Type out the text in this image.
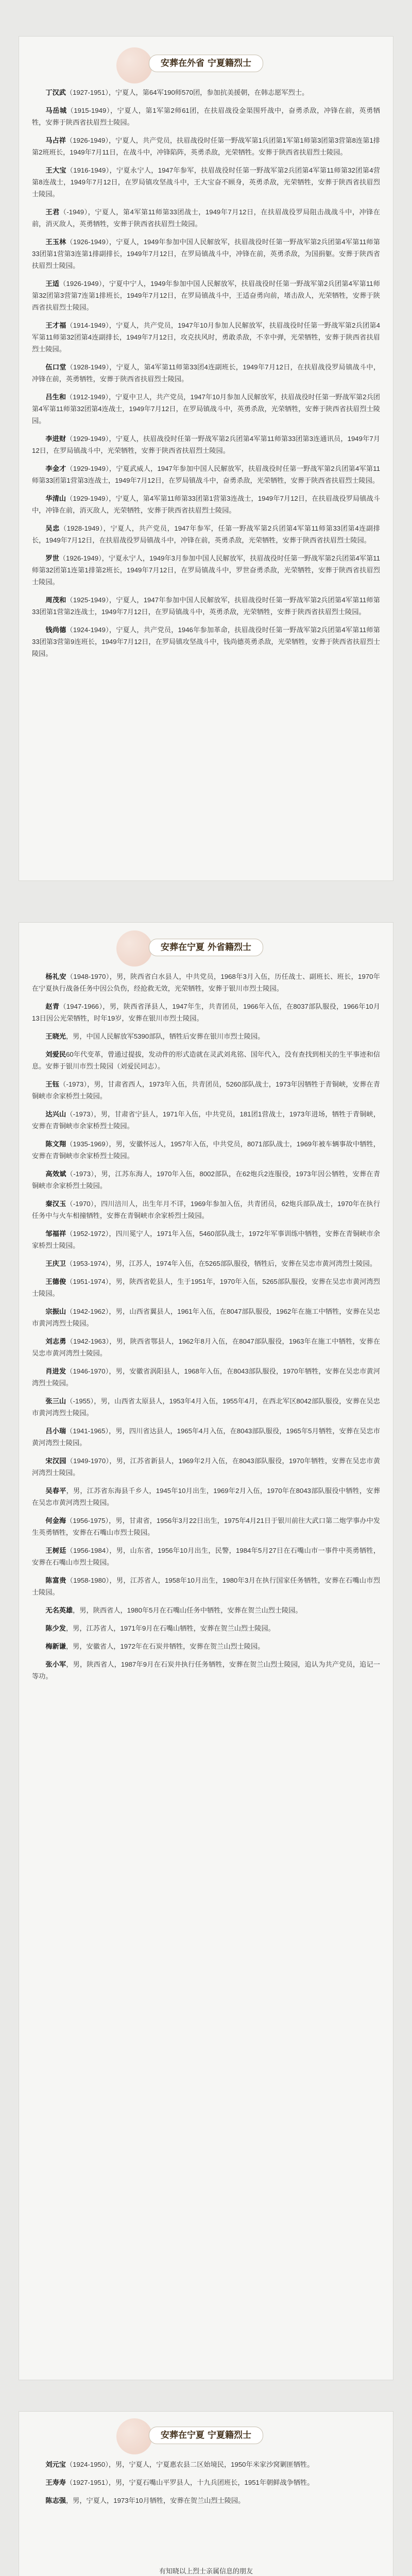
安葬在外省 宁夏籍烈士

丁汉武（1927-1951），宁夏人，第64军190师570团，参加抗美援朝，在韩志愿军烈士。

马岳城（1915-1949），宁夏人，第1军第2师61团，在扶眉战役金渠围歼战中，奋勇杀敌，冲锋在前，英勇牺牲，安葬于陕西省扶眉烈士陵园。

马占祥（1926-1949），宁夏人，共产党员，扶眉战役时任第一野战军第1兵团第1军第1师第3团第3营第8连第1排第2班班长，1949年7月11日，在战斗中，冲锋陷阵，英勇杀敌，光荣牺牲。安葬于陕西省扶眉烈士陵园。

王大宝（1916-1949），宁夏永宁人，1947年参军，扶眉战役时任第一野战军第2兵团第4军第11师第32团第4营第8连战士，1949年7月12日，在罗局镇攻坚战斗中，王大宝奋不顾身，英勇杀敌，光荣牺牲，安葬于陕西省扶眉烈士陵园。

王君（-1949），宁夏人，第4军第11师第33团战士，1949年7月12日，在扶眉战役罗局阻击战战斗中，冲锋在前，消灭敌人，英勇牺牲，安葬于陕西省扶眉烈士陵园。

王玉林（1926-1949），宁夏人，1949年参加中国人民解放军，扶眉战役时任第一野战军第2兵团第4军第11师第33团第1营第3连第1排副排长，1949年7月12日，在罗局镇战斗中，冲锋在前，英勇杀敌，为国捐躯。安葬于陕西省扶眉烈士陵园。

王适（1926-1949），宁夏中宁人，1949年参加中国人民解放军，扶眉战役时任第一野战军第2兵团第4军第11师第32团第3营第7连第1排班长，1949年7月12日，在罗局镇战斗中，王适奋勇向前，堵击敌人，光荣牺牲，安葬于陕西省扶眉烈士陵园。

王才福（1914-1949），宁夏人，共产党员，1947年10月参加人民解放军，扶眉战役时任第一野战军第2兵团第4军第11师第32团第4连副排长，1949年7月12日，攻克扶风时，勇敢杀敌，不幸中弹，光荣牺牲，安葬于陕西省扶眉烈士陵园。

伍口堂（1928-1949），宁夏人，第4军第11师第33团4连副班长，1949年7月12日，在扶眉战役罗局镇战斗中，冲锋在前，英勇牺牲，安葬于陕西省扶眉烈士陵园。

吕生和（1912-1949），宁夏中卫人，共产党员，1947年10月参加人民解放军，扶眉战役时任第一野战军第2兵团第4军第11师第32团第4连战士，1949年7月12日，在罗局镇战斗中，英勇杀敌，光荣牺牲，安葬于陕西省扶眉烈士陵园。

李进财（1929-1949），宁夏人，扶眉战役时任第一野战军第2兵团第4军第11师第33团第3连通讯员，1949年7月12日，在罗局镇战斗中，光荣牺牲，安葬于陕西省扶眉烈士陵园。

李金才（1929-1949），宁夏武威人，1947年参加中国人民解放军，扶眉战役时任第一野战军第2兵团第4军第11师第33团第1营第3连战士，1949年7月12日，在罗局镇战斗中，奋勇杀敌，光荣牺牲，安葬于陕西省扶眉烈士陵园。

华清山（1929-1949），宁夏人，第4军第11师第33团第1营第3连战士，1949年7月12日，在扶眉战役罗局镇战斗中，冲锋在前，消灭敌人，光荣牺牲，安葬于陕西省扶眉烈士陵园。

吴忠（1928-1949），宁夏人，共产党员，1947年参军，任第一野战军第2兵团第4军第11师第33团第4连副排长，1949年7月12日，在扶眉战役罗局镇战斗中，冲锋在前，英勇杀敌，光荣牺牲，安葬于陕西省扶眉烈士陵园。

罗世（1926-1949），宁夏永宁人，1949年3月参加中国人民解放军，扶眉战役时任第一野战军第2兵团第4军第11师第32团第1连第1排第2班长，1949年7月12日，在罗局镇战斗中，罗世奋勇杀敌，光荣牺牲，安葬于陕西省扶眉烈士陵园。

周茂和（1925-1949），宁夏人，1947年参加中国人民解放军，扶眉战役时任第一野战军第2兵团第4军第11师第33团第1营第2连战士，1949年7月12日，在罗局镇战斗中，英勇杀敌，光荣牺牲，安葬于陕西省扶眉烈士陵园。

钱尚德（1924-1949），宁夏人，共产党员，1946年参加革命，扶眉战役时任第一野战军第2兵团第4军第11师第33团第3营第9连班长，1949年7月12日，在罗局镇攻坚战斗中，钱尚德英勇杀敌，光荣牺牲，安葬于陕西省扶眉烈士陵园。

安葬在宁夏 外省籍烈士

杨礼安（1948-1970），男，陕西省白水县人，中共党员，1968年3月入伍，历任战士、副班长、班长，1970年在宁夏执行战备任务中因公负伤，经抢救无效，光荣牺牲，安葬于银川市烈士陵园。

赵青（1947-1966），男，陕西省泽县人，1947年生，共青团员，1966年入伍，在8037部队服役，1966年10月13日因公光荣牺牲，时年19岁，安葬在银川市烈士陵园。

王晓光，男，中国人民解放军5390部队，牺牲后安葬在银川市烈士陵园。

刘爱民60年代变革，曾通过提拔，发动件的形式造就在灵武刘兆铭、国年代入，没有查找到相关的生平事迹和信息。安葬于银川市烈士陵园（刘爱民同志）。

王钰（-1973），男，甘肃省西人，1973年入伍，共青团员，5260部队战士，1973年因牺牲于青铜峡，安葬在青铜峡市余家桥烈士陵园。

达兴山（-1973），男，甘肃省宁县人，1971年入伍，中共党员，181团1营战士，1973年进场，牺牲于青铜峡，安葬在青铜峡市余家桥烈士陵园。

陈文翔（1935-1969），男，安徽怀远人，1957年入伍，中共党员，8071部队战士，1969年被车辆事故中牺牲，安葬在青铜峡市余家桥烈士陵园。

高效斌（-1973），男，江苏东海人，1970年入伍，8002部队，在62炮兵2连服役，1973年因公牺牲，安葬在青铜峡市余家桥烈士陵园。

秦汉玉（-1970），四川涪川人，出生年月不详，1969年参加入伍，共青团员，62炮兵部队战士，1970年在执行任务中与火车相撞牺牲，安葬在青铜峡市余家桥烈士陵园。

邹福祥（1952-1972），四川冕宁人，1971年入伍，5460部队战士，1972年军事训练中牺牲，安葬在青铜峡市余家桥烈士陵园。

王庆卫（1953-1974），男，江苏人，1974年入伍，在5265部队服役，牺牲后，安葬在吴忠市黄河湾烈士陵园。

王德俊（1951-1974），男，陕西省乾县人，生于1951年，1970年入伍，5265部队服役，安葬在吴忠市黄河湾烈士陵园。

宗振山（1942-1962），男，山西省翼县人，1961年入伍，在8047部队服役，1962年在施工中牺牲，安葬在吴忠市黄河湾烈士陵园。

刘志勇（1942-1963），男，陕西省鄂县人，1962年8月入伍，在8047部队服役，1963年在施工中牺牲，安葬在吴忠市黄河湾烈士陵园。

肖进发（1946-1970），男，安徽省涡阳县人，1968年入伍，在8043部队服役，1970年牺牲，安葬在吴忠市黄河湾烈士陵园。

张三山（-1955），男，山西省太原县人，1953年4月入伍，1955年4月，在西北军区8042部队服役，安葬在吴忠市黄河湾烈士陵园。

吕小瑞（1941-1965），男，四川省达县人，1965年4月入伍，在8043部队服役，1965年5月牺牲，安葬在吴忠市黄河湾烈士陵园。

宋汉园（1949-1970），男，江苏省新县人，1969年2月入伍，在8043部队服役，1970年牺牲，安葬在吴忠市黄河湾烈士陵园。

吴春平，男，江苏省东海县千乡人，1945年10月出生，1969年2月入伍，1970年在8043部队服役中牺牲，安葬在吴忠市黄河湾烈士陵园。

何金海（1956-1975），男，甘肃省，1956年3月22日出生，1975年4月21日于银川前往大武口第二炮学事办中发生英勇牺牲，安葬在石嘴山市烈士陵园。

王树廷（1956-1984），男，山东省，1956年10月出生，民警，1984年5月27日在石嘴山市一事件中英勇牺牲，安葬在石嘴山市烈士陵园。

陈富贵（1958-1980），男，江苏省人，1958年10月出生，1980年3月在执行国家任务牺牲，安葬在石嘴山市烈士陵园。

无名英雄，男，陕西省人，1980年5月在石嘴山任务中牺牲，安葬在贺兰山烈士陵园。

陈少发，男，江苏省人，1971年9月在石嘴山牺牲，安葬在贺兰山烈士陵园。

梅新谦，男，安徽省人，1972年在石炭井牺牲，安葬在贺兰山烈士陵园。

张小军，男，陕西省人，1987年9月在石炭井执行任务牺牲，安葬在贺兰山烈士陵园，追认为共产党员，追记一等功。

安葬在宁夏 宁夏籍烈士

刘元宝（1924-1950），男，宁夏人，宁夏惠农县二区始境民，1950年米家沙窝剿匪牺牲。

王寿寿（1927-1951），男，宁夏石嘴山平罗县人，十九兵团班长，1951年朝鲜战争牺牲。

陈志强，男，宁夏人，1973年10月牺牲，安葬在贺兰山烈士陵园。

有知晓以上烈士亲属信息的朋友
